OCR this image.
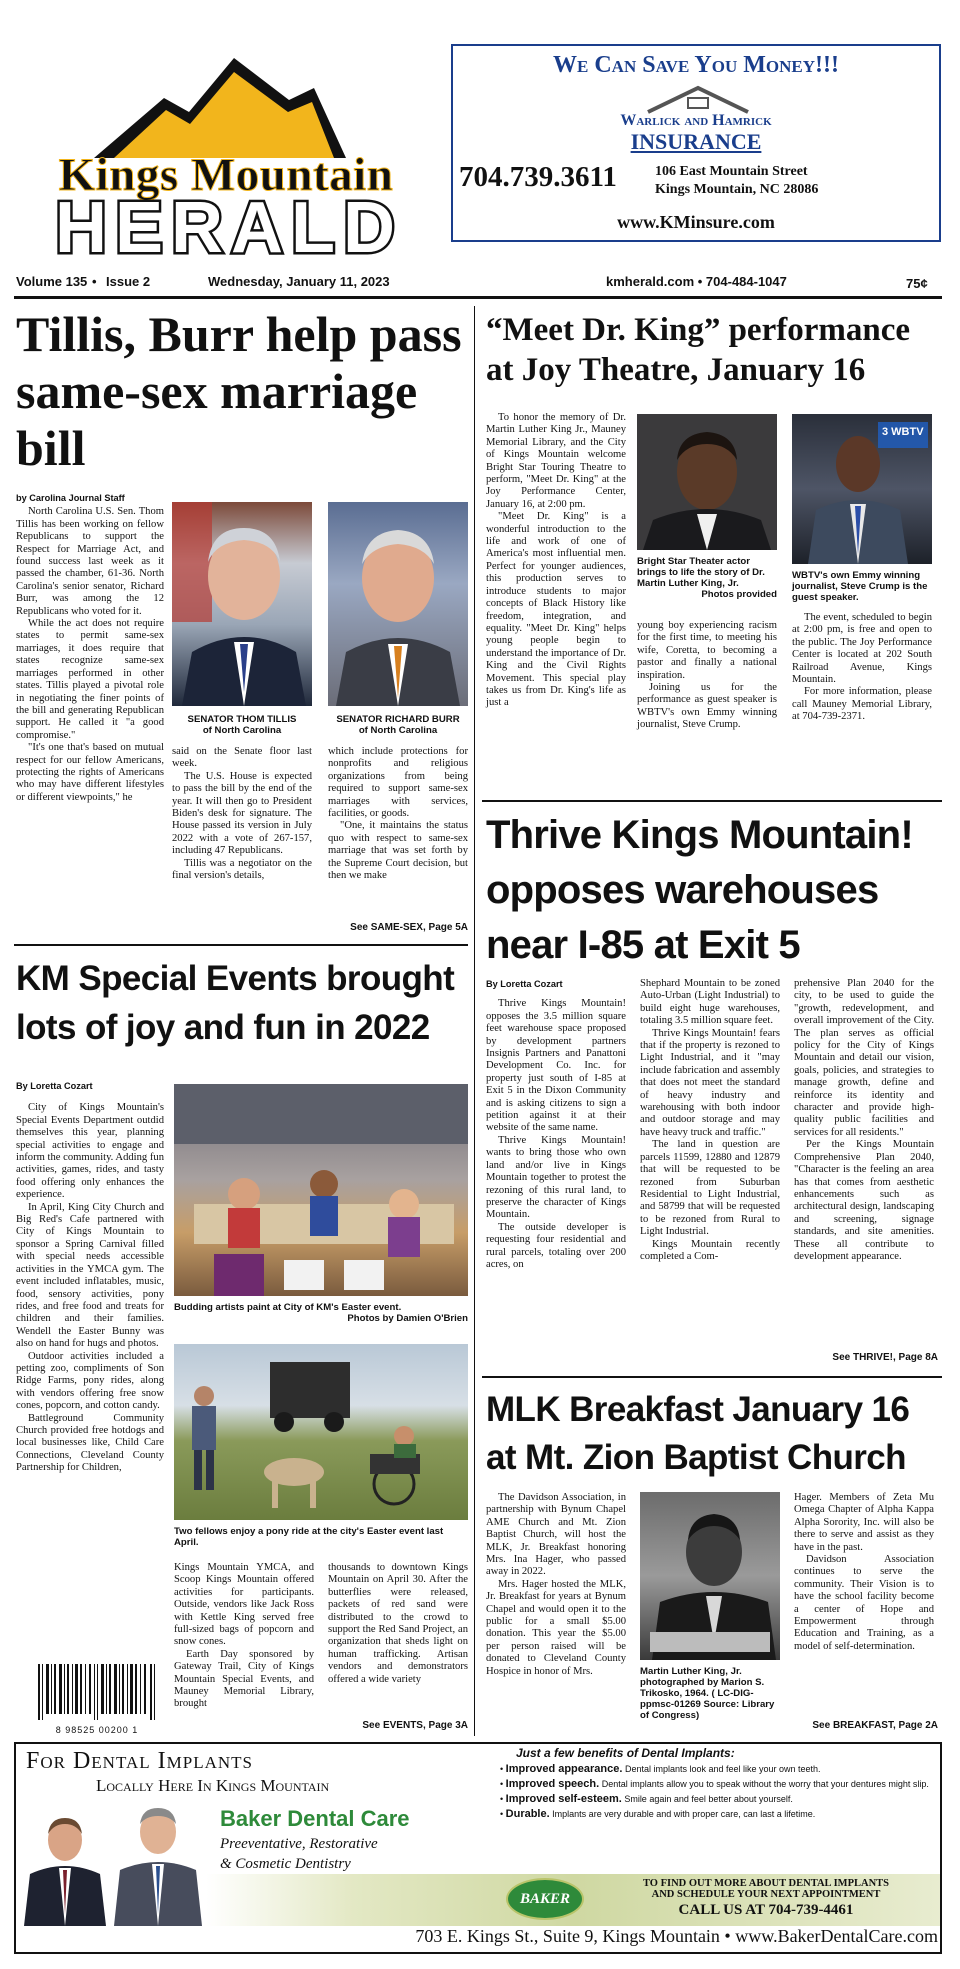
Kings Mountain
HERALD
We Can Save You Money!!!
Warlick and Hamrick
INSURANCE
704.739.3611	106 East Mountain Street
Kings Mountain, NC 28086
www.KMinsure.com
Volume 135 • Issue 2	Wednesday, January 11, 2023	kmherald.com • 704-484-1047	75¢
Tillis, Burr help pass same-sex marriage bill
by Carolina Journal Staff

North Carolina U.S. Sen. Thom Tillis has been working on fellow Republicans to support the Respect for Marriage Act, and found success last week as it passed the chamber, 61-36. North Carolina's senior senator, Richard Burr, was among the 12 Republicans who voted for it.

While the act does not require states to permit same-sex marriages, it does require that states recognize same-sex marriages performed in other states. Tillis played a pivotal role in negotiating the finer points of the bill and generating Republican support. He called it "a good compromise."

"It's one that's based on mutual respect for our fellow Americans, protecting the rights of Americans who may have different lifestyles or different viewpoints," he

SENATOR THOM TILLIS
of North Carolina
SENATOR RICHARD BURR
of North Carolina

said on the Senate floor last week.

The U.S. House is expected to pass the bill by the end of the year. It will then go to President Biden's desk for signature. The House passed its version in July 2022 with a vote of 267-157, including 47 Republicans.

Tillis was a negotiator on the final version's details,

which include protections for nonprofits and religious organizations from being required to support same-sex marriages with services, facilities, or goods.

"One, it maintains the status quo with respect to same-sex marriage that was set forth by the Supreme Court decision, but then we make

See SAME-SEX, Page 5A
“Meet Dr. King” performance
at Joy Theatre, January 16

To honor the memory of Dr. Martin Luther King Jr., Mauney Memorial Library, and the City of Kings Mountain welcome Bright Star Touring Theatre to perform, "Meet Dr. King" at the Joy Performance Center, January 16, at 2:00 pm.

"Meet Dr. King" is a wonderful introduction to the life and work of one of America's most influential men. Perfect for younger audiences, this production serves to introduce students to major concepts of Black History like freedom, integration, and equality. "Meet Dr. King" helps young people begin to understand the importance of Dr. King and the Civil Rights Movement. This special play takes us from Dr. King's life as just a

Bright Star Theater actor brings to life the story of Dr. Martin Luther King, Jr.
Photos provided
3 WBTV
WBTV's own Emmy winning journalist, Steve Crump is the guest speaker.

young boy experiencing racism for the first time, to meeting his wife, Coretta, to becoming a pastor and finally a national inspiration.

Joining us for the performance as guest speaker is WBTV's own Emmy winning journalist, Steve Crump.

The event, scheduled to begin at 2:00 pm, is free and open to the public. The Joy Performance Center is located at 202 South Railroad Avenue, Kings Mountain.

For more information, please call Mauney Memorial Library, at 704-739-2371.

Thrive Kings Mountain!
opposes warehouses
near I-85 at Exit 5
By Loretta Cozart

Thrive Kings Mountain! opposes the 3.5 million square feet warehouse space proposed by development partners Insignis Partners and Panattoni Development Co. Inc. for property just south of I-85 at Exit 5 in the Dixon Community and is asking citizens to sign a petition against it at their website of the same name.

Thrive Kings Mountain! wants to bring those who own land and/or live in Kings Mountain together to protest the rezoning of this rural land, to preserve the character of Kings Mountain.

The outside developer is requesting four residential and rural parcels, totaling over 200 acres, on

Shephard Mountain to be zoned Auto-Urban (Light Industrial) to build eight huge warehouses, totaling 3.5 million square feet.

Thrive Kings Mountain! fears that if the property is rezoned to Light Industrial, and it "may include fabrication and assembly that does not meet the standard of heavy industry and warehousing with both indoor and outdoor storage and may have heavy truck and traffic."

The land in question are parcels 11599, 12880 and 12879 that will be requested to be rezoned from Suburban Residential to Light Industrial, and 58799 that will be requested to be rezoned from Rural to Light Industrial.

Kings Mountain recently completed a Com-

prehensive Plan 2040 for the city, to be used to guide the "growth, redevelopment, and overall improvement of the City. The plan serves as official policy for the City of Kings Mountain and detail our vision, goals, policies, and strategies to manage growth, define and reinforce its identity and character and provide high-quality public facilities and services for all residents."

Per the Kings Mountain Comprehensive Plan 2040, "Character is the feeling an area has that comes from aesthetic enhancements such as architectural design, landscaping and screening, signage standards, and site amenities. These all contribute to development appearance.

See THRIVE!, Page 8A
KM Special Events brought
lots of joy and fun in 2022
By Loretta Cozart

City of Kings Mountain's Special Events Department outdid themselves this year, planning special activities to engage and inform the community. Adding fun activities, games, rides, and tasty food offering only enhances the experience.

In April, King City Church and Big Red's Cafe partnered with City of Kings Mountain to sponsor a Spring Carnival filled with special needs accessible activities in the YMCA gym. The event included inflatables, music, food, sensory activities, pony rides, and free food and treats for children and their families. Wendell the Easter Bunny was also on hand for hugs and photos.

Outdoor activities included a petting zoo, compliments of Son Ridge Farms, pony rides, along with vendors offering free snow cones, popcorn, and cotton candy.

Battleground Community Church provided free hotdogs and local businesses like, Child Care Connections, Cleveland County Partnership for Children,

Budding artists paint at City of KM's Easter event.
Photos by Damien O'Brien
Two fellows enjoy a pony ride at the city's Easter event last April.

Kings Mountain YMCA, and Scoop Kings Mountain offered activities for participants. Outside, vendors like Jack Ross with Kettle King served free full-sized bags of popcorn and snow cones.

Earth Day sponsored by Gateway Trail, City of Kings Mountain Special Events, and Mauney Memorial Library, brought

thousands to downtown Kings Mountain on April 30. After the butterflies were released, packets of red sand were distributed to the crowd to support the Red Sand Project, an organization that sheds light on human trafficking. Artisan vendors and demonstrators offered a wide variety

See EVENTS, Page 3A
8 98525 00200 1
MLK Breakfast January 16
at Mt. Zion Baptist Church

The Davidson Association, in partnership with Bynum Chapel AME Church and Mt. Zion Baptist Church, will host the MLK, Jr. Breakfast honoring Mrs. Ina Hager, who passed away in 2022.

Mrs. Hager hosted the MLK, Jr. Breakfast for years at Bynum Chapel and would open it to the public for a small $5.00 donation. This year the $5.00 per person raised will be donated to Cleveland County Hospice in honor of Mrs.	Martin Luther King, Jr. photographed by Marion S. Trikosko, 1964. ( LC-DIG-ppmsc-01269 Source: Library of Congress)

Hager. Members of Zeta Mu Omega Chapter of Alpha Kappa Alpha Sorority, Inc. will also be there to serve and assist as they have in the past.

Davidson Association continues to serve the community. Their Vision is to have the school facility become a center of Hope and Empowerment through Education and Training, as a model of self-determination.

See BREAKFAST, Page 2A
For Dental Implants
Locally Here In Kings Mountain
Baker Dental Care
Preeventative, Restorative
& Cosmetic Dentistry
Just a few benefits of Dental Implants:
• Improved appearance. Dental implants look and feel like your own teeth.
• Improved speech. Dental implants allow you to speak without the worry that your dentures might slip.
• Improved self-esteem. Smile again and feel better about yourself.
• Durable. Implants are very durable and with proper care, can last a lifetime.
BAKER
TO FIND OUT MORE ABOUT DENTAL IMPLANTS
AND SCHEDULE YOUR NEXT APPOINTMENT
CALL US AT 704-739-4461
703 E. Kings St., Suite 9, Kings Mountain • www.BakerDentalCare.com
